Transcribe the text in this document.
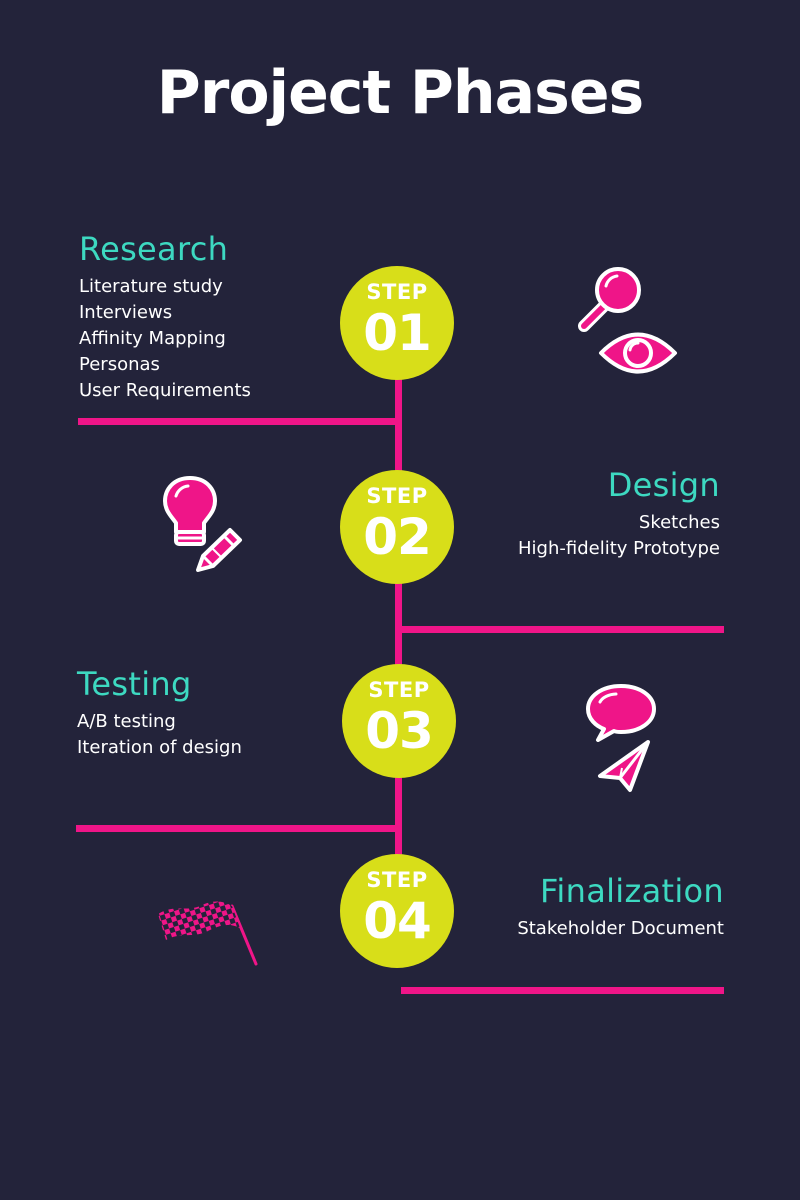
Project Phases
STEP
01
STEP
02
STEP
03
STEP
04
Research
Literature study
Interviews
Affinity Mapping
Personas
User Requirements
Design
Sketches
High-fidelity Prototype
Testing
A/B testing
Iteration of design
Finalization
Stakeholder Document
